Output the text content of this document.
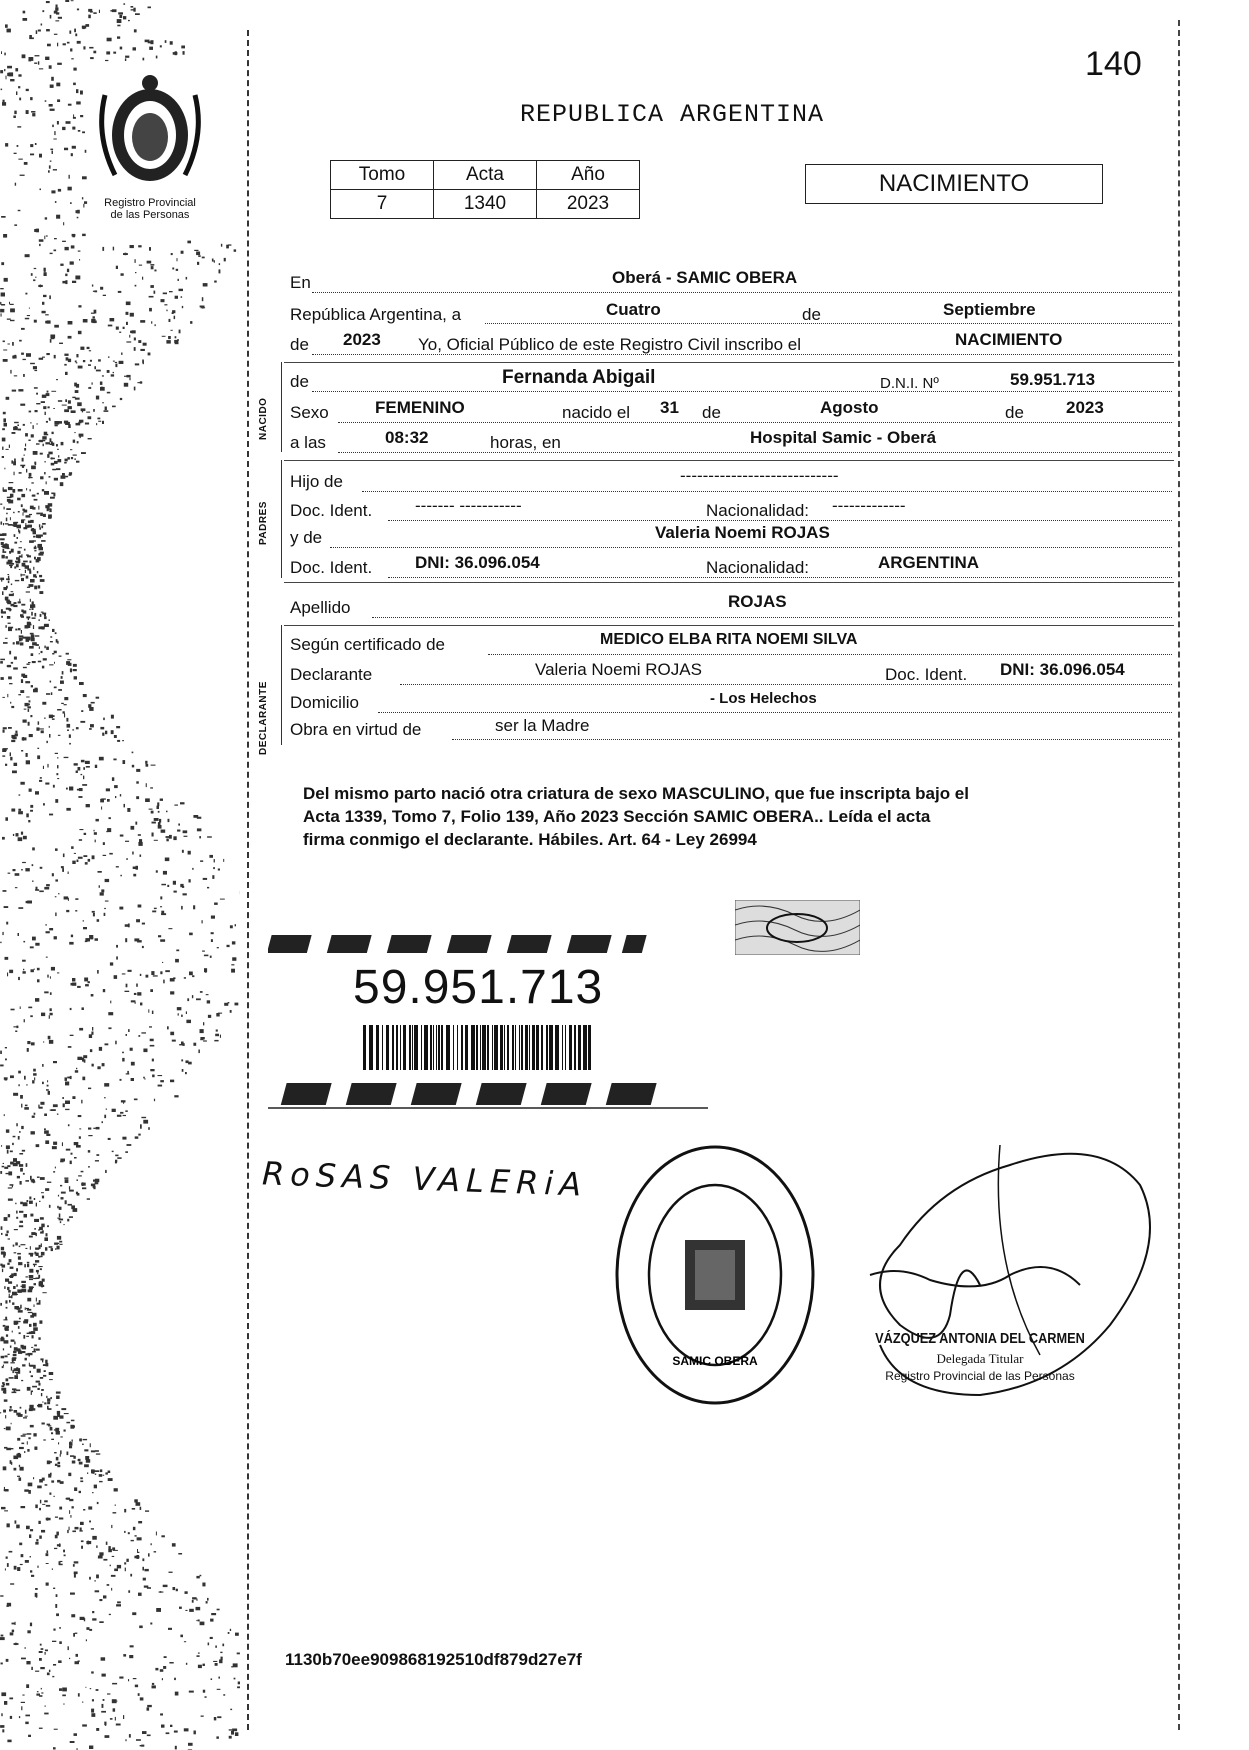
140
Registro Provincial
de las Personas
REPUBLICA ARGENTINA
Tomo	Acta	Año
7	1340	2023
NACIMIENTO
En	Oberá - SAMIC OBERA
República Argentina, a	Cuatro	de	Septiembre
de 2023 Yo, Oficial Público de este Registro Civil inscribo el	NACIMIENTO
NACIDO
de	Fernanda Abigail	D.N.I. Nº	59.951.713
Sexo	FEMENINO	nacido el 31 de	Agosto	de 2023
a las	08:32	horas, en	Hospital Samic - Oberá
PADRES
Hijo de	----------------------------
Doc. Ident.	------- -----------	Nacionalidad: -------------
y de	Valeria Noemi ROJAS
Doc. Ident.	DNI: 36.096.054	Nacionalidad:	ARGENTINA
Apellido	ROJAS
DECLARANTE
Según certificado de	MEDICO ELBA RITA NOEMI SILVA
Declarante	Valeria Noemi ROJAS	Doc. Ident. DNI: 36.096.054
Domicilio	- Los Helechos
Obra en virtud de	ser la Madre
Del mismo parto nació otra criatura de sexo MASCULINO, que fue inscripta bajo el
Acta 1339, Tomo 7, Folio 139, Año 2023 Sección SAMIC OBERA.. Leída el acta
firma conmigo el declarante. Hábiles. Art. 64 - Ley 26994
59.951.713
RoSAS VALERiA
SAMIC OBERA
VÁZQUEZ ANTONIA DEL CARMEN
Delegada Titular
Registro Provincial de las Personas
1130b70ee909868192510df879d27e7f
